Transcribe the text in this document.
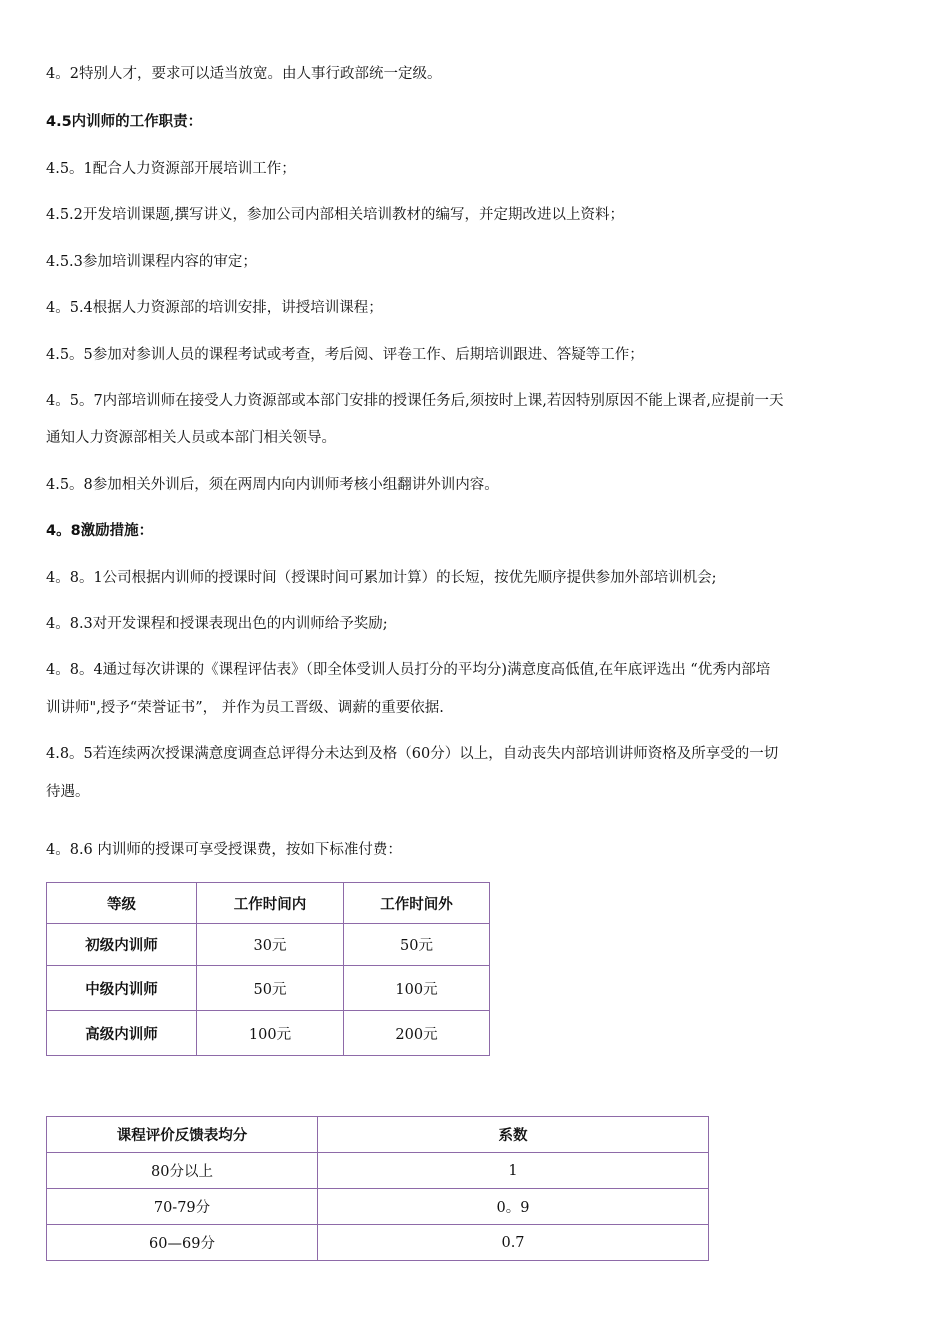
4。2特别人才，要求可以适当放宽。由人事行政部统一定级。
4.5内训师的工作职责：
4.5。1配合人力资源部开展培训工作；
4.5.2开发培训课题,撰写讲义，参加公司内部相关培训教材的编写，并定期改进以上资料；
4.5.3参加培训课程内容的审定；
4。5.4根据人力资源部的培训安排，讲授培训课程；
4.5。5参加对参训人员的课程考试或考查，考后阅、评卷工作、后期培训跟进、答疑等工作；
4。5。7内部培训师在接受人力资源部或本部门安排的授课任务后,须按时上课,若因特别原因不能上课者,应提前一天
通知人力资源部相关人员或本部门相关领导。
4.5。8参加相关外训后，须在两周内向内训师考核小组翻讲外训内容。
4。8激励措施：
4。8。1公司根据内训师的授课时间（授课时间可累加计算）的长短，按优先顺序提供参加外部培训机会;
4。8.3对开发课程和授课表现出色的内训师给予奖励;
4。8。4通过每次讲课的《课程评估表》（即全体受训人员打分的平均分)满意度高低值,在年底评选出 “优秀内部培
训讲师",授予“荣誉证书”， 并作为员工晋级、调薪的重要依据.
4.8。5若连续两次授课满意度调查总评得分未达到及格（60分）以上，自动丧失内部培训讲师资格及所享受的一切
待遇。
4。8.6 内训师的授课可享受授课费，按如下标准付费：
等级	工作时间内	工作时间外
初级内训师	30元	50元
中级内训师	50元	100元
高级内训师	100元	200元
课程评价反馈表均分	系数
80分以上	1
70-79分	0。9
60—69分	0.7
